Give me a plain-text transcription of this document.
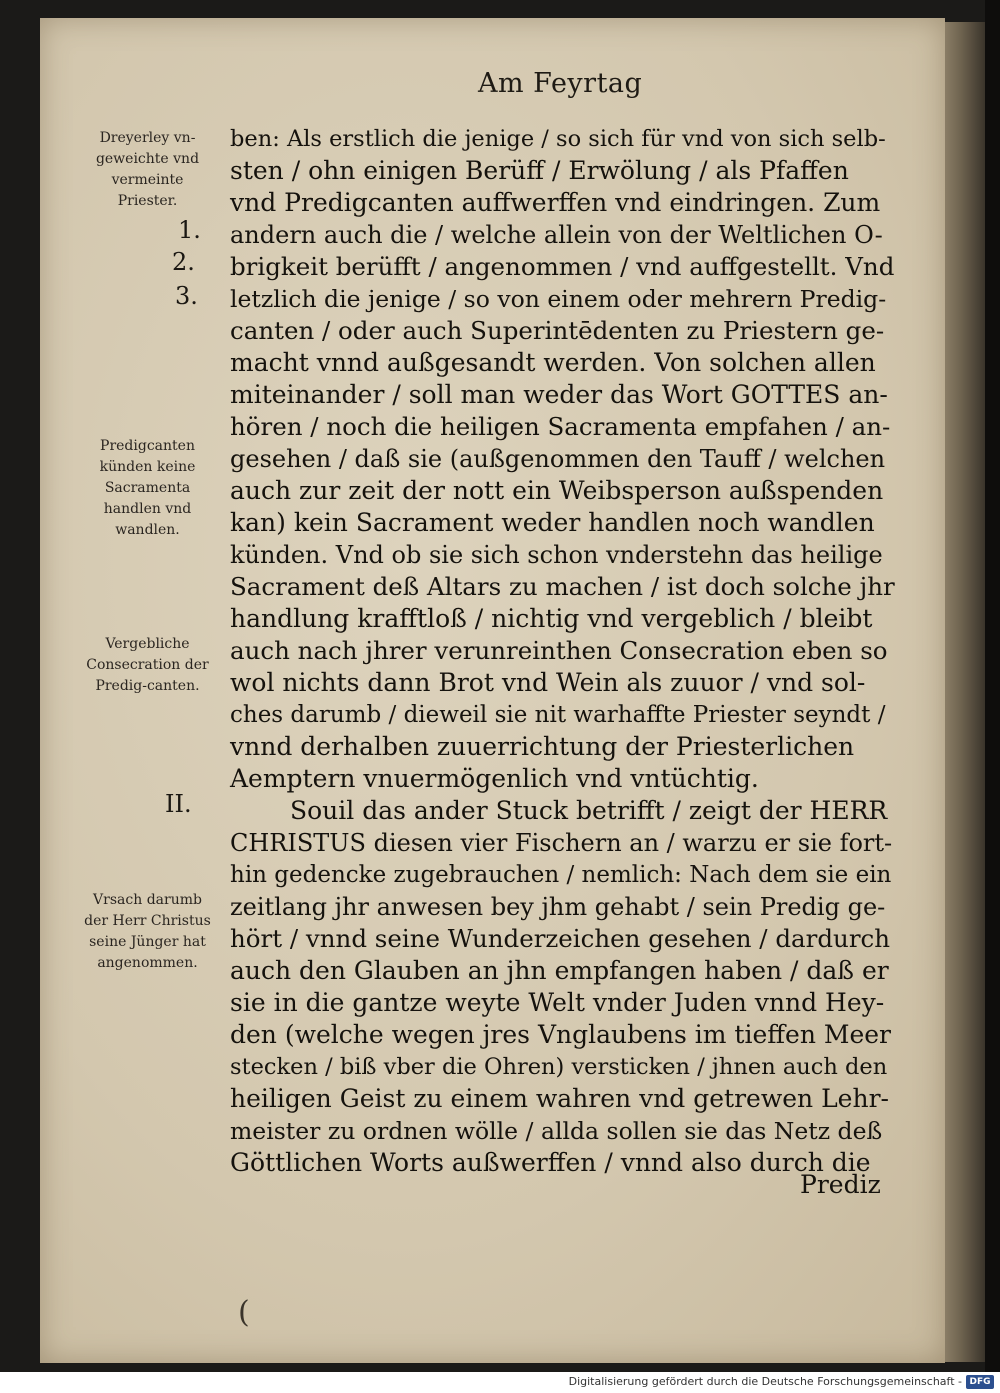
Am Feyrtag
Dreyerley vn-geweichte vnd vermeinte Priester.
Predigcanten künden keine Sacramenta handlen vnd wandlen.
Vergebliche Consecration der Predig-canten.
Vrsach darumb der Herr Christus seine Jünger hat angenommen.
1.
2.
3.
II.
ben: Als erstlich die jenige / so sich für vnd von sich selb-
sten / ohn einigen Berüff / Erwölung / als Pfaffen
vnd Predigcanten auffwerffen vnd eindringen. Zum
andern auch die / welche allein von der Weltlichen O-
brigkeit berüfft / angenommen / vnd auffgestellt. Vnd
letzlich die jenige / so von einem oder mehrern Predig-
canten / oder auch Superintēdenten zu Priestern ge-
macht vnnd außgesandt werden. Von solchen allen
miteinander / soll man weder das Wort GOTTES an-
hören / noch die heiligen Sacramenta empfahen / an-
gesehen / daß sie (außgenommen den Tauff / welchen
auch zur zeit der nott ein Weibsperson außspenden
kan) kein Sacrament weder handlen noch wandlen
künden. Vnd ob sie sich schon vnderstehn das heilige
Sacrament deß Altars zu machen / ist doch solche jhr
handlung krafftloß / nichtig vnd vergeblich / bleibt
auch nach jhrer verunreinthen Consecration eben so
wol nichts dann Brot vnd Wein als zuuor / vnd sol-
ches darumb / dieweil sie nit warhaffte Priester seyndt /
vnnd derhalben zuuerrichtung der Priesterlichen
Aemptern vnuermögenlich vnd vntüchtig.
Souil das ander Stuck betrifft / zeigt der HERR
CHRISTUS diesen vier Fischern an / warzu er sie fort-
hin gedencke zugebrauchen / nemlich: Nach dem sie ein
zeitlang jhr anwesen bey jhm gehabt / sein Predig ge-
hört / vnnd seine Wunderzeichen gesehen / dardurch
auch den Glauben an jhn empfangen haben / daß er
sie in die gantze weyte Welt vnder Juden vnnd Hey-
den (welche wegen jres Vnglaubens im tieffen Meer
stecken / biß vber die Ohren) versticken / jhnen auch den
heiligen Geist zu einem wahren vnd getrewen Lehr-
meister zu ordnen wölle / allda sollen sie das Netz deß
Göttlichen Worts außwerffen / vnnd also durch die
Prediz
(
Digitalisierung gefördert durch die Deutsche Forschungsgemeinschaft - DFG
